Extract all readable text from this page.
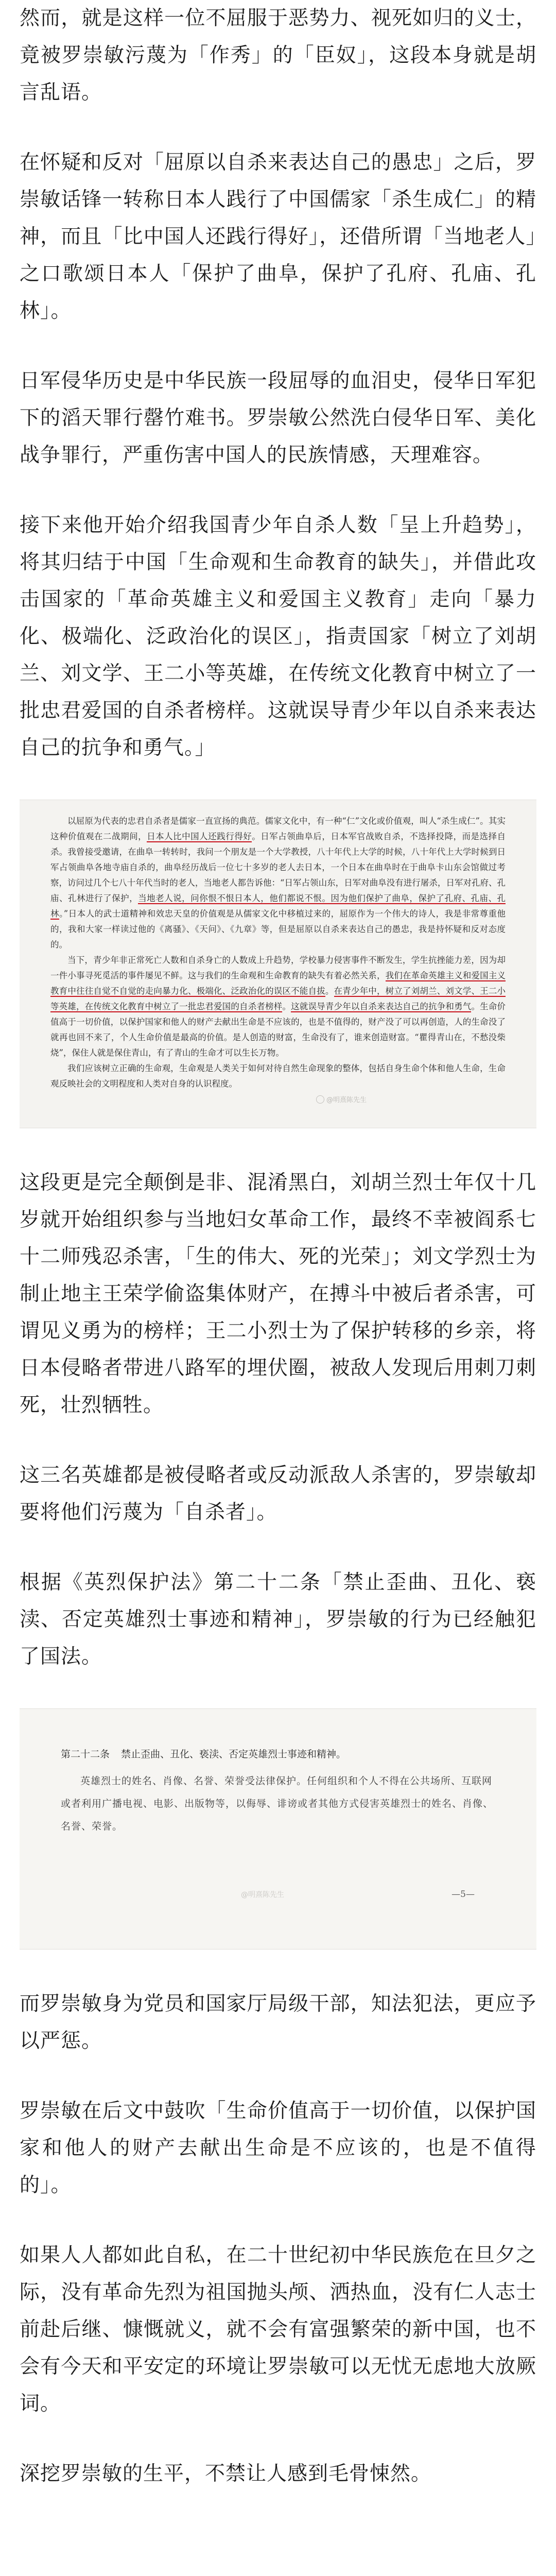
然而，就是这样一位不屈服于恶势力、视死如归的义士，竟被罗崇敏污蔑为「作秀」的「臣奴」，这段本身就是胡言乱语。

在怀疑和反对「屈原以自杀来表达自己的愚忠」之后，罗崇敏话锋一转称日本人践行了中国儒家「杀生成仁」的精神，而且「比中国人还践行得好」，还借所谓「当地老人」之口歌颂日本人「保护了曲阜，保护了孔府、孔庙、孔林」。

日军侵华历史是中华民族一段屈辱的血泪史，侵华日军犯下的滔天罪行罄竹难书。罗崇敏公然洗白侵华日军、美化战争罪行，严重伤害中国人的民族情感，天理难容。

接下来他开始介绍我国青少年自杀人数「呈上升趋势」，将其归结于中国「生命观和生命教育的缺失」，并借此攻击国家的「革命英雄主义和爱国主义教育」走向「暴力化、极端化、泛政治化的误区」，指责国家「树立了刘胡兰、刘文学、王二小等英雄，在传统文化教育中树立了一批忠君爱国的自杀者榜样。这就误导青少年以自杀来表达自己的抗争和勇气。」

以屈原为代表的忠君自杀者是儒家一直宣扬的典范。儒家文化中，有一种“仁”文化或价值观，叫人“杀生成仁”。其实这种价值观在二战期间，日本人比中国人还践行得好。日军占领曲阜后，日本军官战败自杀，不选择投降，而是选择自杀。我曾接受邀请，在曲阜一转转时，我问一个朋友是一个大学教授，八十年代上大学的时候，八十年代上大学时候到日军占领曲阜各地寺庙自杀的，曲阜经历战后一位七十多岁的老人去日本，一个日本在曲阜时在于曲阜卡山东会馆做过考察，访问过几个七八十年代当时的老人，当地老人都告诉他：“日军占领山东，日军对曲阜没有进行屠杀，日军对孔府、孔庙、孔林进行了保护，当地老人说，问你恨不恨日本人，他们都说不恨。因为他们保护了曲阜，保护了孔府、孔庙、孔林。”日本人的武士道精神和效忠天皇的价值观是从儒家文化中移植过来的，屈原作为一个伟大的诗人，我是非常尊重他的，我和大家一样读过他的《离骚》、《天问》、《九章》等，但是屈原以自杀来表达自己的愚忠，我是持怀疑和反对态度的。

当下，青少年非正常死亡人数和自杀身亡的人数成上升趋势，学校暴力侵害事件不断发生，学生抗挫能力差，因为却一件小事寻死觅活的事件屡见不鲜。这与我们的生命观和生命教育的缺失有着必然关系，我们在革命英雄主义和爱国主义教育中往往自觉不自觉的走向暴力化、极端化、泛政治化的误区不能自拔。在青少年中，树立了刘胡兰、刘文学、王二小等英雄，在传统文化教育中树立了一批忠君爱国的自杀者榜样。这就误导青少年以自杀来表达自己的抗争和勇气。生命价值高于一切价值，以保护国家和他人的财产去献出生命是不应该的，也是不值得的，财产没了可以再创造，人的生命没了就再也回不来了，个人生命价值是最高的价值。是人创造的财富，生命没有了，谁来创造财富。“瞿得青山在，不愁没柴烧”，保住人就是保住青山，有了青山的生命才可以生长万物。

我们应该树立正确的生命观，生命观是人类关于如何对待自然生命现象的整体，包括自身生命个体和他人生命，生命观反映社会的文明程度和人类对自身的认识程度。

@明熹陈先生

这段更是完全颠倒是非、混淆黑白，刘胡兰烈士年仅十几岁就开始组织参与当地妇女革命工作，最终不幸被阎系七十二师残忍杀害，「生的伟大、死的光荣」；刘文学烈士为制止地主王荣学偷盗集体财产，在搏斗中被后者杀害，可谓见义勇为的榜样；王二小烈士为了保护转移的乡亲，将日本侵略者带进八路军的埋伏圈，被敌人发现后用刺刀刺死，壮烈牺牲。

这三名英雄都是被侵略者或反动派敌人杀害的，罗崇敏却要将他们污蔑为「自杀者」。

根据《英烈保护法》第二十二条「禁止歪曲、丑化、亵渎、否定英雄烈士事迹和精神」，罗崇敏的行为已经触犯了国法。

第二十二条 禁止歪曲、丑化、亵渎、否定英雄烈士事迹和精神。

英雄烈士的姓名、肖像、名誉、荣誉受法律保护。任何组织和个人不得在公共场所、互联网或者利用广播电视、电影、出版物等，以侮辱、诽谤或者其他方式侵害英雄烈士的姓名、肖像、名誉、荣誉。

@明熹陈先生	—5—

而罗崇敏身为党员和国家厅局级干部，知法犯法，更应予以严惩。

罗崇敏在后文中鼓吹「生命价值高于一切价值，以保护国家和他人的财产去献出生命是不应该的，也是不值得的」。

如果人人都如此自私，在二十世纪初中华民族危在旦夕之际，没有革命先烈为祖国抛头颅、洒热血，没有仁人志士前赴后继、慷慨就义，就不会有富强繁荣的新中国，也不会有今天和平安定的环境让罗崇敏可以无忧无虑地大放厥词。

深挖罗崇敏的生平，不禁让人感到毛骨悚然。
